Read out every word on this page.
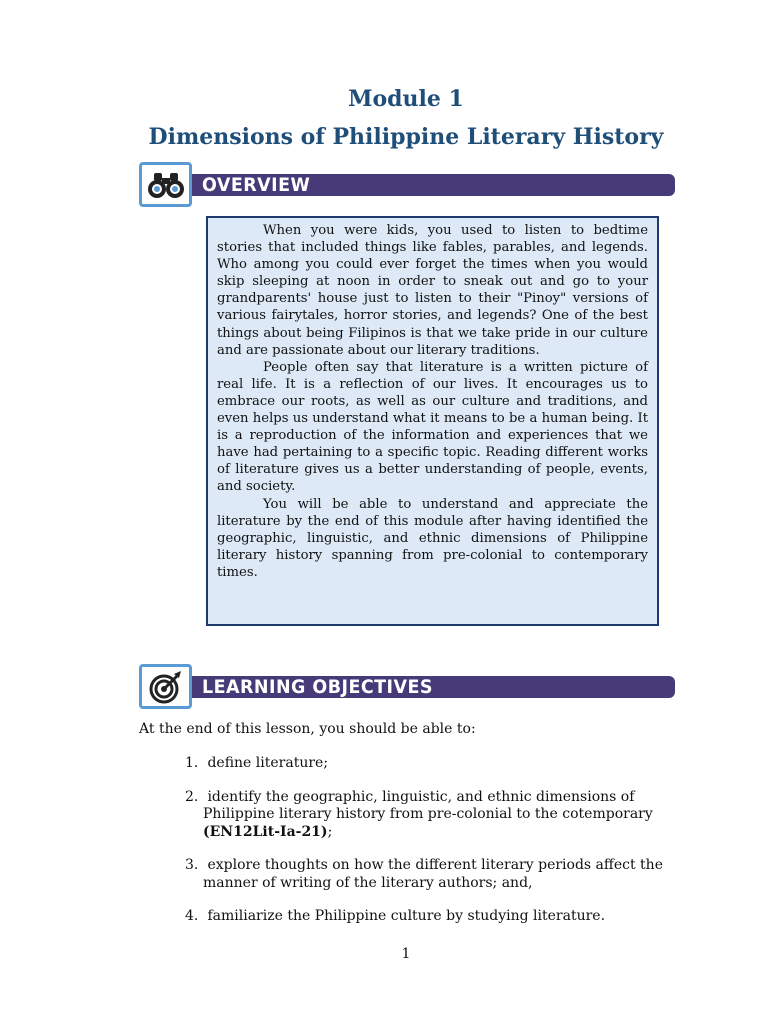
Module 1
Dimensions of Philippine Literary History
OVERVIEW

When you were kids, you used to listen to bedtime stories that included things like fables, parables, and legends. Who among you could ever forget the times when you would skip sleeping at noon in order to sneak out and go to your grandparents' house just to listen to their "Pinoy" versions of various fairytales, horror stories, and legends? One of the best things about being Filipinos is that we take pride in our culture and are passionate about our literary traditions.

People often say that literature is a written picture of real life. It is a reflection of our lives. It encourages us to embrace our roots, as well as our culture and traditions, and even helps us understand what it means to be a human being. It is a reproduction of the information and experiences that we have had pertaining to a specific topic. Reading different works of literature gives us a better understanding of people, events, and society.

You will be able to understand and appreciate the literature by the end of this module after having identified the geographic, linguistic, and ethnic dimensions of Philippine literary history spanning from pre-colonial to contemporary times.

LEARNING OBJECTIVES
At the end of this lesson, you should be able to:
1. define literature;
2. identify the geographic, linguistic, and ethnic dimensions of Philippine literary history from pre-colonial to the cotemporary (EN12Lit-Ia-21);
3. explore thoughts on how the different literary periods affect the manner of writing of the literary authors; and,
4. familiarize the Philippine culture by studying literature.
1
